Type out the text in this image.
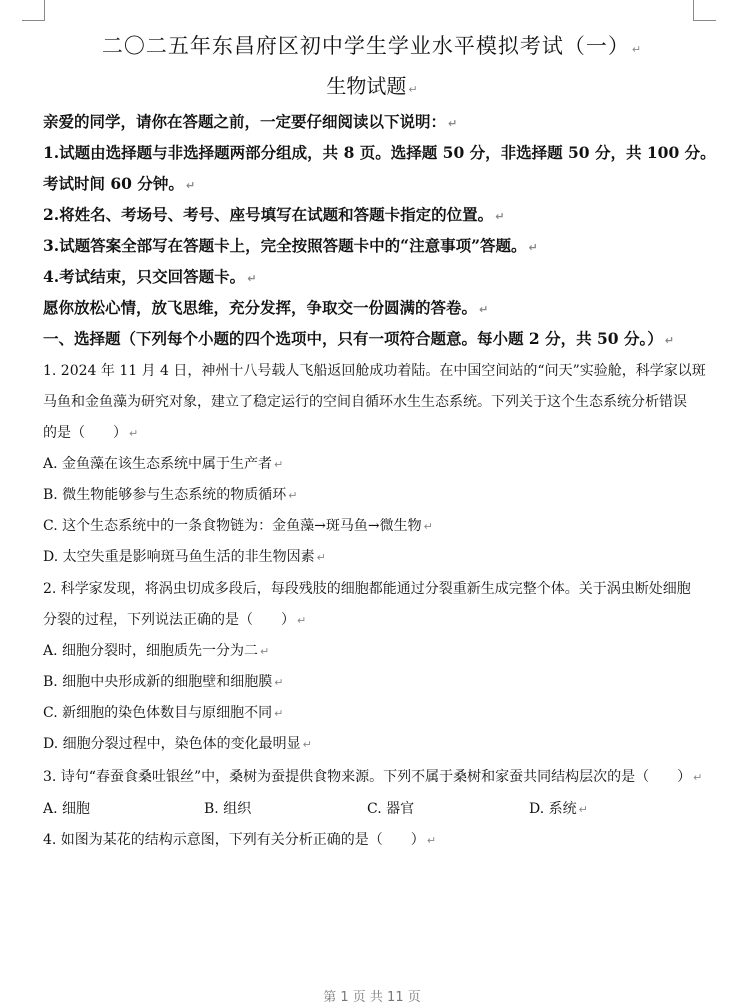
二〇二五年东昌府区初中学生学业水平模拟考试（一） ↵
生物试题 ↵
亲爱的同学，请你在答题之前，一定要仔细阅读以下说明： ↵
1.试题由选择题与非选择题两部分组成，共 8 页。选择题 50 分，非选择题 50 分，共 100 分。
考试时间 60 分钟。 ↵
2.将姓名、考场号、考号、座号填写在试题和答题卡指定的位置。 ↵
3.试题答案全部写在答题卡上，完全按照答题卡中的“注意事项”答题。 ↵
4.考试结束，只交回答题卡。 ↵
愿你放松心情，放飞思维，充分发挥，争取交一份圆满的答卷。 ↵
一、选择题（下列每个小题的四个选项中，只有一项符合题意。每小题 2 分，共 50 分。） ↵
1. 2024 年 11 月 4 日，神州十八号载人飞船返回舱成功着陆。在中国空间站的“问天”实验舱，科学家以斑
马鱼和金鱼藻为研究对象，建立了稳定运行的空间自循环水生生态系统。下列关于这个生态系统分析错误
的是（　　） ↵
A. 金鱼藻在该生态系统中属于生产者 ↵
B. 微生物能够参与生态系统的物质循环 ↵
C. 这个生态系统中的一条食物链为：金鱼藻→斑马鱼→微生物 ↵
D. 太空失重是影响斑马鱼生活的非生物因素 ↵
2. 科学家发现，将涡虫切成多段后，每段残肢的细胞都能通过分裂重新生成完整个体。关于涡虫断处细胞
分裂的过程，下列说法正确的是（　　） ↵
A. 细胞分裂时，细胞质先一分为二 ↵
B. 细胞中央形成新的细胞壁和细胞膜 ↵
C. 新细胞的染色体数目与原细胞不同 ↵
D. 细胞分裂过程中，染色体的变化最明显 ↵
3. 诗句“春蚕食桑吐银丝”中，桑树为蚕提供食物来源。下列不属于桑树和家蚕共同结构层次的是（　　） ↵
A. 细胞	B. 组织	C. 器官	D. 系统 ↵
4. 如图为某花的结构示意图，下列有关分析正确的是（　　） ↵
第 1 页 共 11 页
